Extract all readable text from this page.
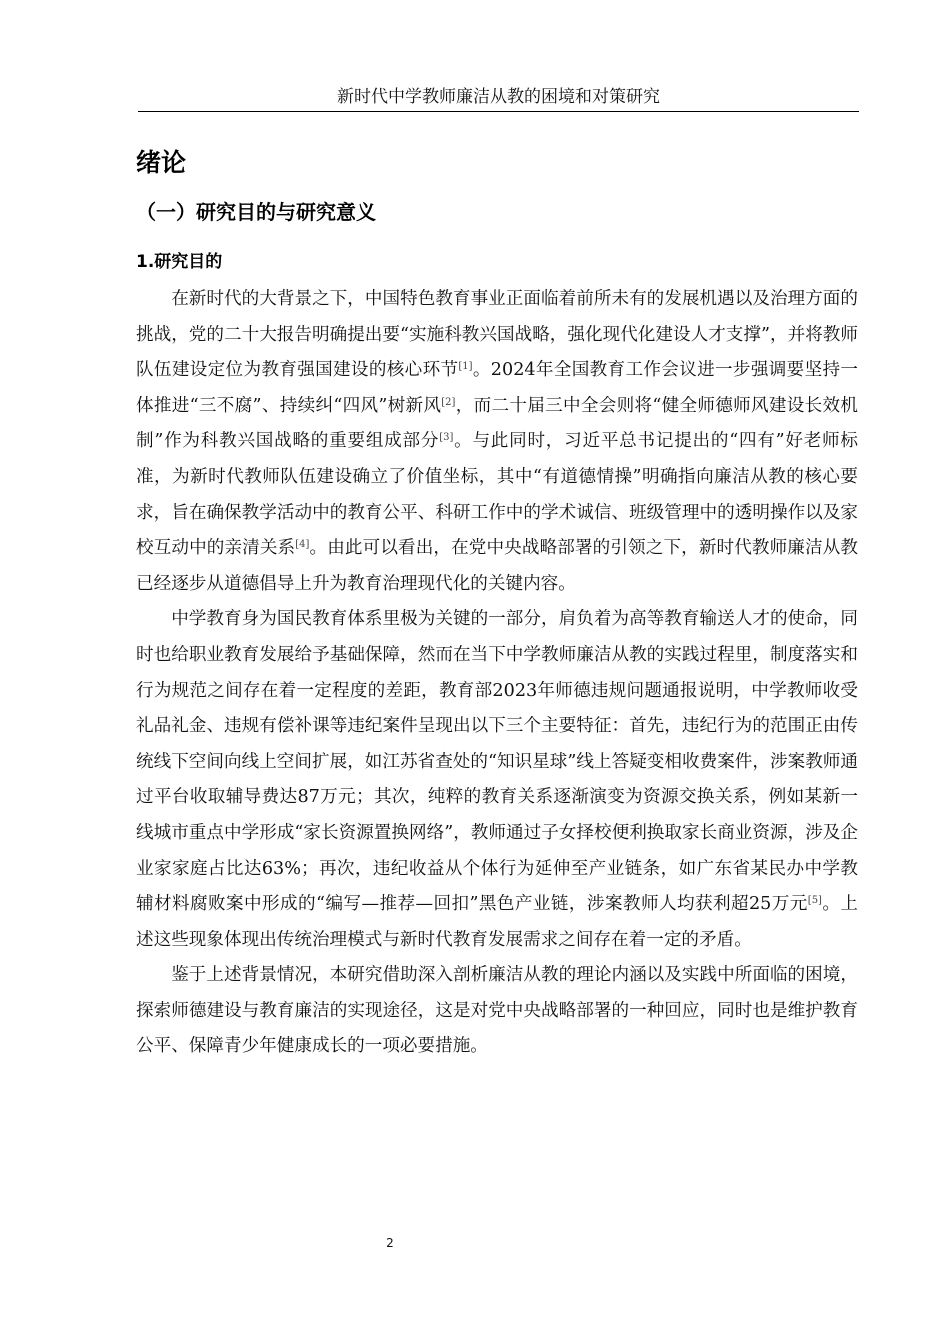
新时代中学教师廉洁从教的困境和对策研究
绪论
（一）研究目的与研究意义
1.研究目的

在新时代的大背景之下，中国特色教育事业正面临着前所未有的发展机遇以及治理方面的挑战，党的二十大报告明确提出要“实施科教兴国战略，强化现代化建设人才支撑”，并将教师队伍建设定位为教育强国建设的核心环节[1]。2024年全国教育工作会议进一步强调要坚持一体推进“三不腐”、持续纠“四风”树新风[2]，而二十届三中全会则将“健全师德师风建设长效机制”作为科教兴国战略的重要组成部分[3]。与此同时，习近平总书记提出的“四有”好老师标准，为新时代教师队伍建设确立了价值坐标，其中“有道德情操”明确指向廉洁从教的核心要求，旨在确保教学活动中的教育公平、科研工作中的学术诚信、班级管理中的透明操作以及家校互动中的亲清关系[4]。由此可以看出，在党中央战略部署的引领之下，新时代教师廉洁从教已经逐步从道德倡导上升为教育治理现代化的关键内容。

中学教育身为国民教育体系里极为关键的一部分，肩负着为高等教育输送人才的使命，同时也给职业教育发展给予基础保障，然而在当下中学教师廉洁从教的实践过程里，制度落实和行为规范之间存在着一定程度的差距，教育部2023年师德违规问题通报说明，中学教师收受礼品礼金、违规有偿补课等违纪案件呈现出以下三个主要特征：首先，违纪行为的范围正由传统线下空间向线上空间扩展，如江苏省查处的“知识星球”线上答疑变相收费案件，涉案教师通过平台收取辅导费达87万元；其次，纯粹的教育关系逐渐演变为资源交换关系，例如某新一线城市重点中学形成“家长资源置换网络”，教师通过子女择校便利换取家长商业资源，涉及企业家家庭占比达63%；再次，违纪收益从个体行为延伸至产业链条，如广东省某民办中学教辅材料腐败案中形成的“编写—推荐—回扣”黑色产业链，涉案教师人均获利超25万元[5]。上述这些现象体现出传统治理模式与新时代教育发展需求之间存在着一定的矛盾。

鉴于上述背景情况，本研究借助深入剖析廉洁从教的理论内涵以及实践中所面临的困境，探索师德建设与教育廉洁的实现途径，这是对党中央战略部署的一种回应，同时也是维护教育公平、保障青少年健康成长的一项必要措施。

2
